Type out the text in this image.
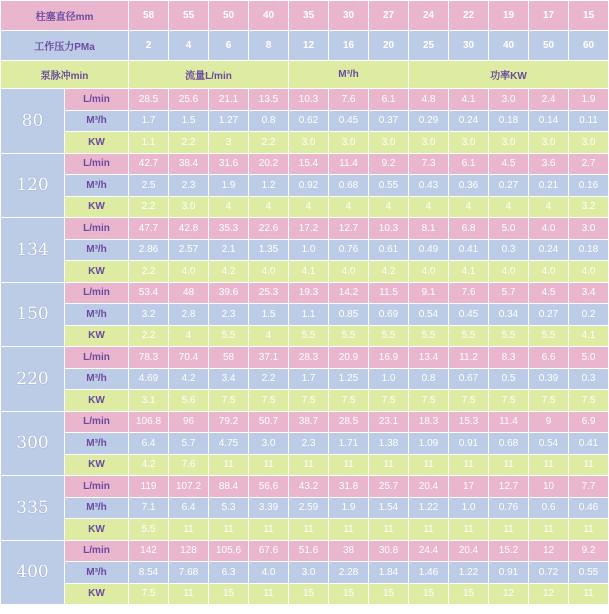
柱塞直径mm		58	55	50	40	35	30	27	24	22	19	17	15
工作压力PMa		2	4	6	8	12	16	20	25	30	40	50	60
泵脉冲min		流量L/min				M³/h			功率KW				
80	L/min	28.5	25.6	21.1	13.5	10.3	7.6	6.1	4.8	4.1	3.0	2.4	1.9
	M³/h	1.7	1.5	1.27	0.8	0.62	0.45	0.37	0.29	0.24	0.18	0.14	0.11
	KW	1.1	2.2	3	2.2	3.0	3.0	3.0	3.0	3.0	3.0	3.0	3.0
120	L/min	42.7	38.4	31.6	20.2	15.4	11.4	9.2	7.3	6.1	4.5	3.6	2.7
	M³/h	2.5	2.3	1.9	1.2	0.92	0.68	0.55	0.43	0.36	0.27	0.21	0.16
	KW	2.2	3.0	4	4	4	4	4	4	4	4	4	3.2
134	L/min	47.7	42.8	35.3	22.6	17.2	12.7	10.3	8.1	6.8	5.0	4.0	3.0
	M³/h	2.86	2.57	2.1	1.35	1.0	0.76	0.61	0.49	0.41	0.3	0.24	0.18
	KW	2.2	4.0	4.2	4.0	4.1	4.0	4.2	4.0	4.1	4.0	4.0	4.0
150	L/min	53.4	48	39.6	25.3	19.3	14.2	11.5	9.1	7.6	5.7	4.5	3.4
	M³/h	3.2	2.8	2.3	1.5	1.1	0.85	0.69	0.54	0.45	0.34	0.27	0.2
	KW	2.2	4	5.5	4	5.5	5.5	5.5	5.5	5.5	5.5	5.5	4.1
220	L/min	78.3	70.4	58	37.1	28.3	20.9	16.9	13.4	11.2	8.3	6.6	5.0
	M³/h	4.69	4.2	3.4	2.2	1.7	1.25	1.0	0.8	0.67	0.5	0.39	0.3
	KW	3.1	5.6	7.5	7.5	7.5	7.5	7.5	7.5	7.5	7.5	7.5	7.5
300	L/min	106.8	96	79.2	50.7	38.7	28.5	23.1	18.3	15.3	11.4	9	6.9
	M³/h	6.4	5.7	4.75	3.0	2.3	1.71	1.38	1.09	0.91	0.68	0.54	0.41
	KW	4.2	7.6	11	11	11	11	11	11	11	11	11	11
335	L/min	119	107.2	88.4	56.6	43.2	31.8	25.7	20.4	17	12.7	10	7.7
	M³/h	7.1	6.4	5.3	3.39	2.59	1.9	1.54	1.22	1.0	0.76	0.6	0.46
	KW	5.5	11	11	11	11	11	11	11	11	11	11	11
400	L/min	142	128	105.6	67.6	51.6	38	30.8	24.4	20.4	15.2	12	9.2
	M³/h	8.54	7.68	6.3	4.0	3.0	2.28	1.84	1.46	1.22	0.91	0.72	0.55
	KW	7.5	11	15	11	15	15	15	15	15	12	12	11
